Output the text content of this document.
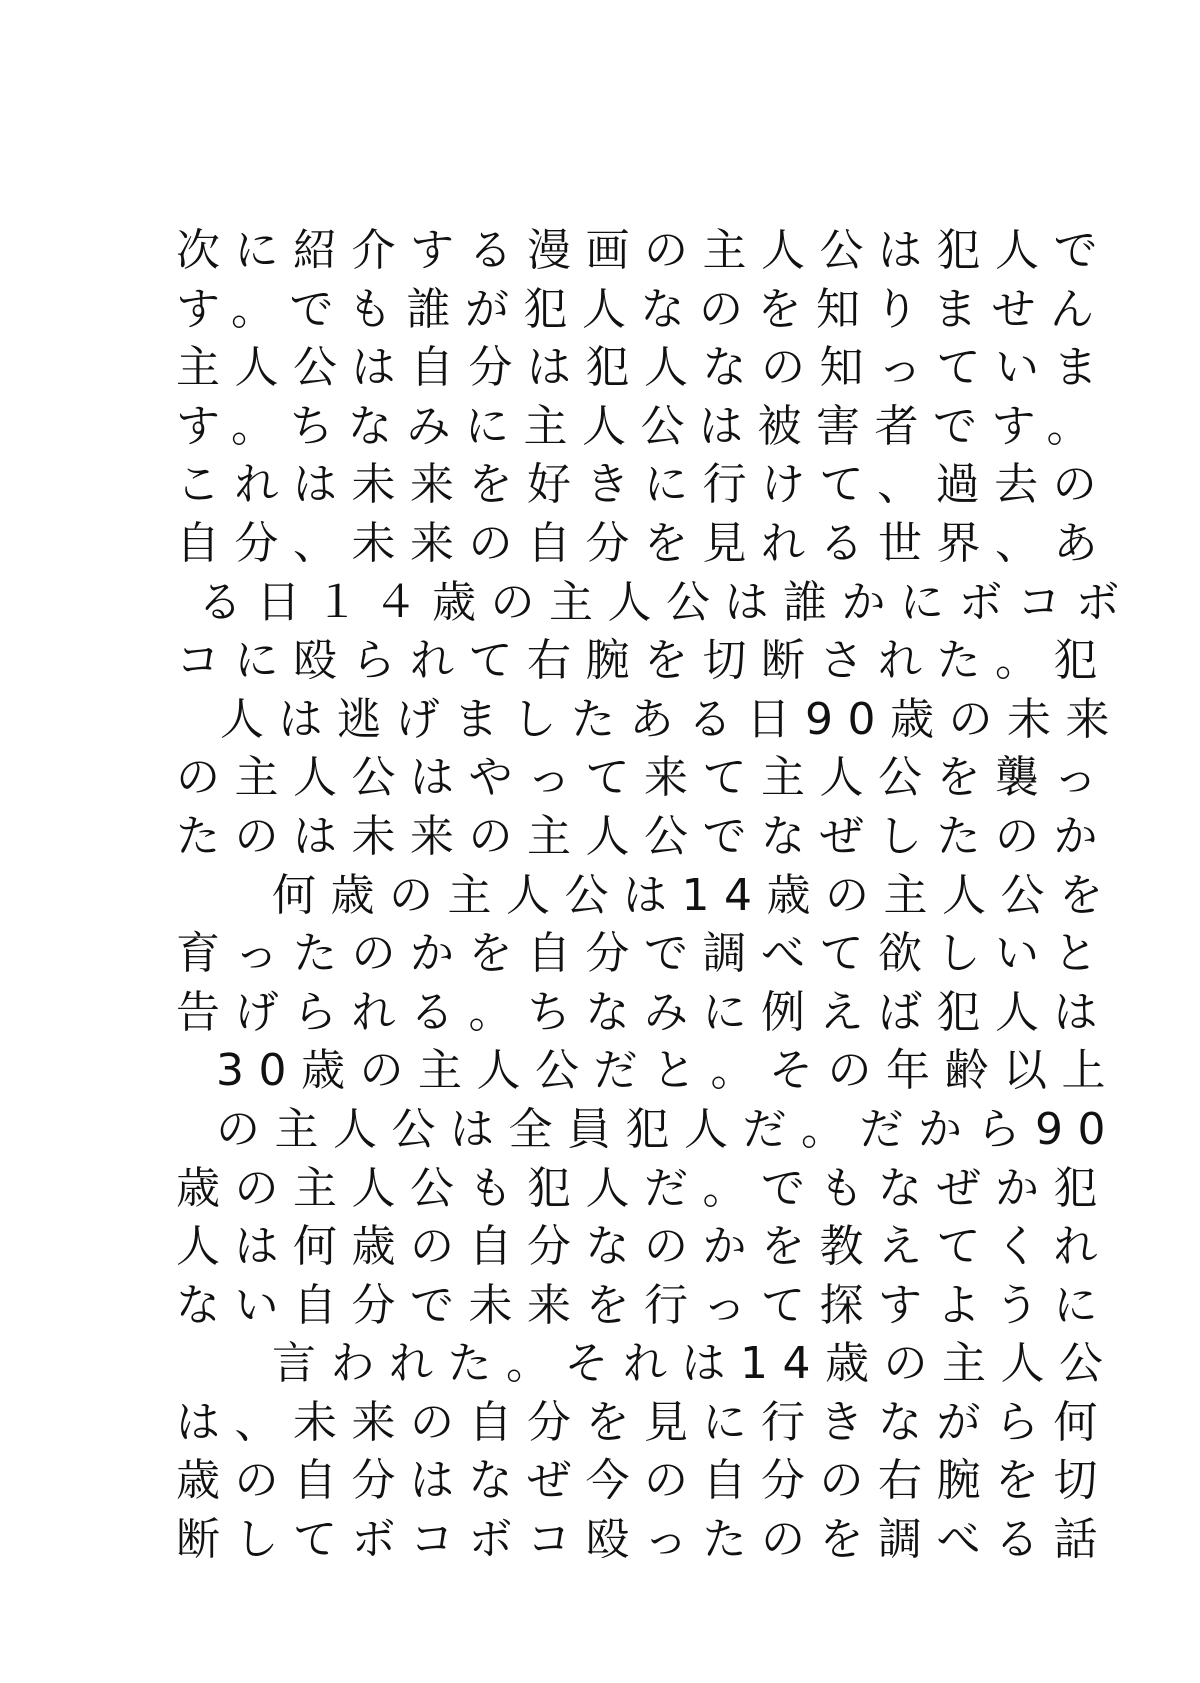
次に紹介する漫画の主人公は犯人で
す。でも誰が犯人なのを知りません
主人公は自分は犯人なの知っていま
す。ちなみに主人公は被害者です。
これは未来を好きに行けて、過去の
自分、未来の自分を見れる世界、あ
る日１４歳の主人公は誰かにボコボ
コに殴られて右腕を切断された。犯
人は逃げましたある日90歳の未来
の主人公はやって来て主人公を襲っ
たのは未来の主人公でなぜしたのか
何歳の主人公は14歳の主人公を
育ったのかを自分で調べて欲しいと
告げられる。ちなみに例えば犯人は
30歳の主人公だと。その年齢以上
の主人公は全員犯人だ。だから90
歳の主人公も犯人だ。でもなぜか犯
人は何歳の自分なのかを教えてくれ
ない自分で未来を行って探すように
言われた。それは14歳の主人公
は、未来の自分を見に行きながら何
歳の自分はなぜ今の自分の右腕を切
断してボコボコ殴ったのを調べる話
